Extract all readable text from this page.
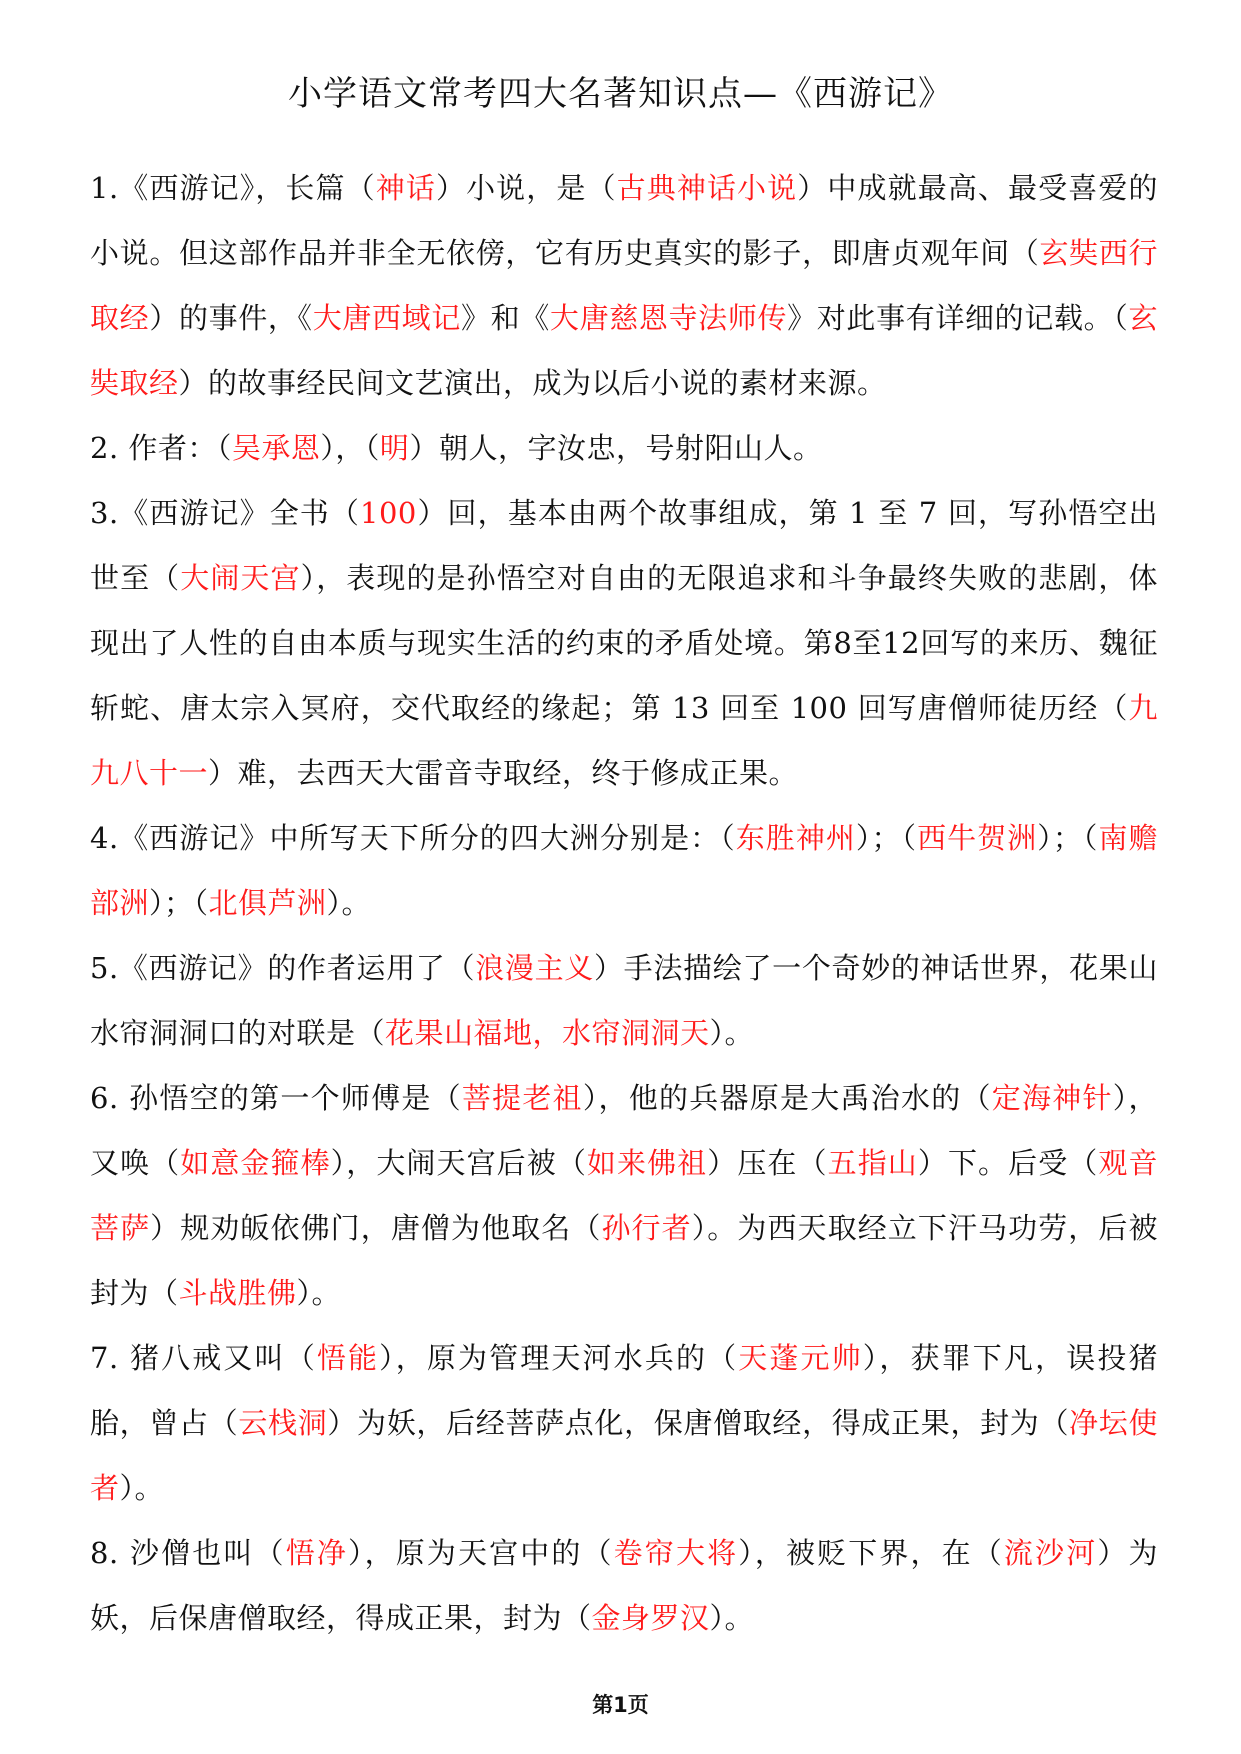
小学语文常考四大名著知识点—《西游记》

1.《西游记》，长篇（神话）小说，是（古典神话小说）中成就最高、最受喜爱的小说。但这部作品并非全无依傍，它有历史真实的影子，即唐贞观年间（玄奘西行取经）的事件，《大唐西域记》和《大唐慈恩寺法师传》对此事有详细的记载。（玄奘取经）的故事经民间文艺演出，成为以后小说的素材来源。

2. 作者：（吴承恩），（明）朝人，字汝忠，号射阳山人。

3.《西游记》全书（100）回，基本由两个故事组成，第 1 至 7 回，写孙悟空出世至（大闹天宫），表现的是孙悟空对自由的无限追求和斗争最终失败的悲剧，体现出了人性的自由本质与现实生活的约束的矛盾处境。第8至12回写的来历、魏征斩蛇、唐太宗入冥府，交代取经的缘起；第 13 回至 100 回写唐僧师徒历经（九九八十一）难，去西天大雷音寺取经，终于修成正果。

4.《西游记》中所写天下所分的四大洲分别是：（东胜神州）；（西牛贺洲）；（南赡部洲）；（北俱芦洲）。

5.《西游记》的作者运用了（浪漫主义）手法描绘了一个奇妙的神话世界，花果山水帘洞洞口的对联是（花果山福地，水帘洞洞天）。

6. 孙悟空的第一个师傅是（菩提老祖），他的兵器原是大禹治水的（定海神针），又唤（如意金箍棒），大闹天宫后被（如来佛祖）压在（五指山）下。后受（观音菩萨）规劝皈依佛门，唐僧为他取名（孙行者）。为西天取经立下汗马功劳，后被封为（斗战胜佛）。

7. 猪八戒又叫（悟能），原为管理天河水兵的（天蓬元帅），获罪下凡，误投猪胎，曾占（云栈洞）为妖，后经菩萨点化，保唐僧取经，得成正果，封为（净坛使者）。

8. 沙僧也叫（悟净），原为天宫中的（卷帘大将），被贬下界，在（流沙河）为妖，后保唐僧取经，得成正果，封为（金身罗汉）。

第1页
